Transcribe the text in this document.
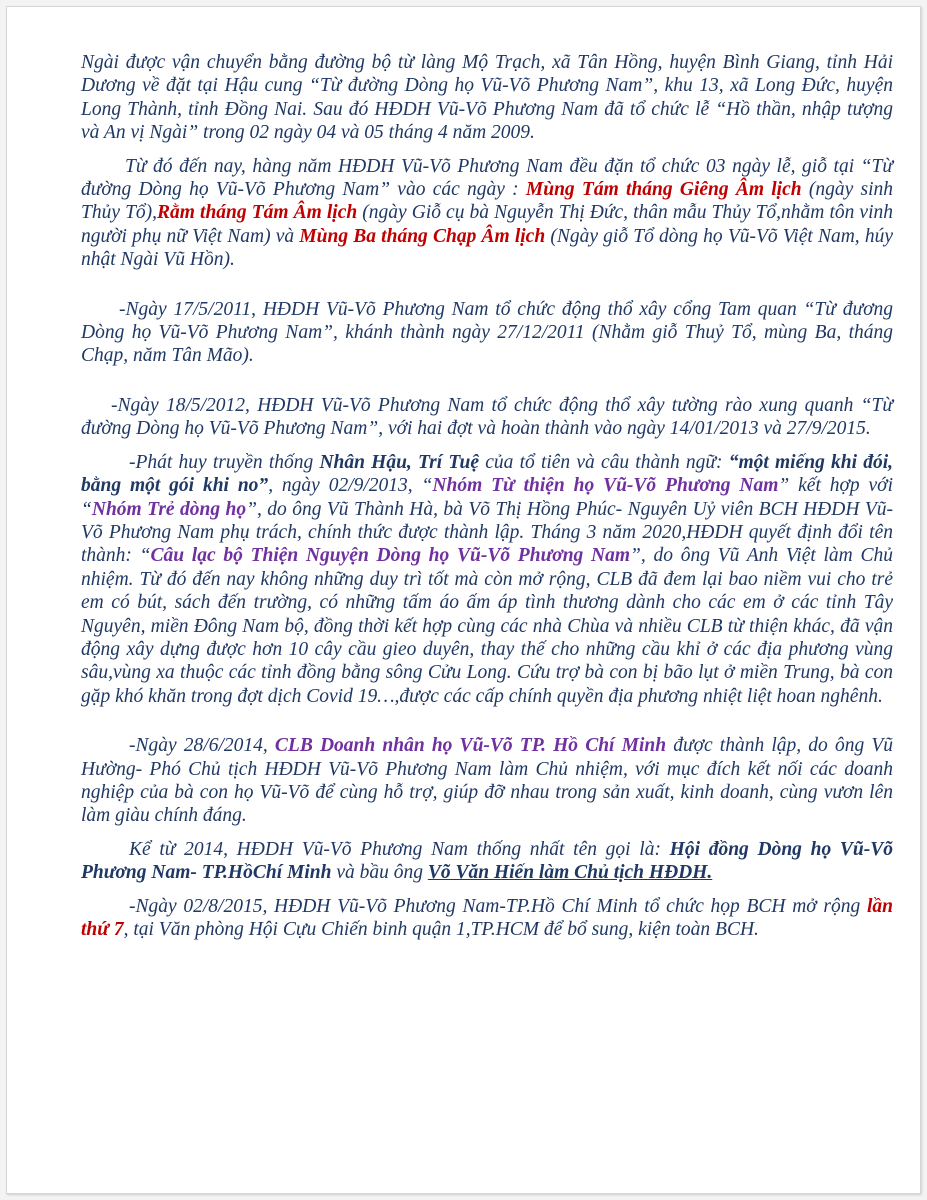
Ngài được vận chuyển bằng đường bộ từ làng Mộ Trạch, xã Tân Hồng, huyện Bình Giang, tỉnh Hải Dương về đặt tại Hậu cung “Từ đường Dòng họ Vũ-Võ Phương Nam”, khu 13, xã Long Đức, huyện Long Thành, tỉnh Đồng Nai. Sau đó HĐDH Vũ-Võ Phương Nam đã tổ chức lễ “Hồ thần, nhập tượng và An vị Ngài” trong 02 ngày 04 và 05 tháng 4 năm 2009.

Từ đó đến nay, hàng năm HĐDH Vũ-Võ Phương Nam đều đặn tổ chức 03 ngày lễ, giỗ tại “Từ đường Dòng họ Vũ-Võ Phương Nam” vào các ngày : Mùng Tám tháng Giêng Âm lịch (ngày sinh Thủy Tổ),Rằm tháng Tám Âm lịch (ngày Giỗ cụ bà Nguyễn Thị Đức, thân mẫu Thủy Tổ,nhằm tôn vinh người phụ nữ Việt Nam) và Mùng Ba tháng Chạp Âm lịch (Ngày giỗ Tổ dòng họ Vũ-Võ Việt Nam, húy nhật Ngài Vũ Hồn).

-Ngày 17/5/2011, HĐDH Vũ-Võ Phương Nam tổ chức động thổ xây cổng Tam quan “Từ đương Dòng họ Vũ-Võ Phương Nam”, khánh thành ngày 27/12/2011 (Nhằm giỗ Thuỷ Tổ, mùng Ba, tháng Chạp, năm Tân Mão).

-Ngày 18/5/2012, HĐDH Vũ-Võ Phương Nam tổ chức động thổ xây tường rào xung quanh “Từ đường Dòng họ Vũ-Võ Phương Nam”, với hai đợt và hoàn thành vào ngày 14/01/2013 và 27/9/2015.

-Phát huy truyền thống Nhân Hậu, Trí Tuệ của tổ tiên và câu thành ngữ: “một miếng khi đói, bằng một gói khi no”, ngày 02/9/2013, “Nhóm Từ thiện họ Vũ-Võ Phương Nam” kết hợp với “Nhóm Trẻ dòng họ”, do ông Vũ Thành Hà, bà Võ Thị Hồng Phúc- Nguyên Uỷ viên BCH HĐDH Vũ-Võ Phương Nam phụ trách, chính thức được thành lập. Tháng 3 năm 2020,HĐDH quyết định đổi tên thành: “Câu lạc bộ Thiện Nguyện Dòng họ Vũ-Võ Phương Nam”, do ông Vũ Anh Việt làm Chủ nhiệm. Từ đó đến nay không những duy trì tốt mà còn mở rộng, CLB đã đem lại bao niềm vui cho trẻ em có bút, sách đến trường, có những tấm áo ấm áp tình thương dành cho các em ở các tỉnh Tây Nguyên, miền Đông Nam bộ, đồng thời kết hợp cùng các nhà Chùa và nhiều CLB từ thiện khác, đã vận động xây dựng được hơn 10 cây cầu gieo duyên, thay thế cho những cầu khỉ ở các địa phương vùng sâu,vùng xa thuộc các tỉnh đồng bằng sông Cửu Long. Cứu trợ bà con bị bão lụt ở miền Trung, bà con gặp khó khăn trong đợt dịch Covid 19…,được các cấp chính quyền địa phương nhiệt liệt hoan nghênh.

-Ngày 28/6/2014, CLB Doanh nhân họ Vũ-Võ TP. Hồ Chí Minh được thành lập, do ông Vũ Hường- Phó Chủ tịch HĐDH Vũ-Võ Phương Nam làm Chủ nhiệm, với mục đích kết nối các doanh nghiệp của bà con họ Vũ-Võ để cùng hỗ trợ, giúp đỡ nhau trong sản xuất, kinh doanh, cùng vươn lên làm giàu chính đáng.

Kể từ 2014, HĐDH Vũ-Võ Phương Nam thống nhất tên gọi là: Hội đồng Dòng họ Vũ-Võ Phương Nam- TP.HồChí Minh và bầu ông Võ Văn Hiến làm Chủ tịch HĐDH.

-Ngày 02/8/2015, HĐDH Vũ-Võ Phương Nam-TP.Hồ Chí Minh tổ chức họp BCH mở rộng lần thứ 7, tại Văn phòng Hội Cựu Chiến binh quận 1,TP.HCM để bổ sung, kiện toàn BCH.
